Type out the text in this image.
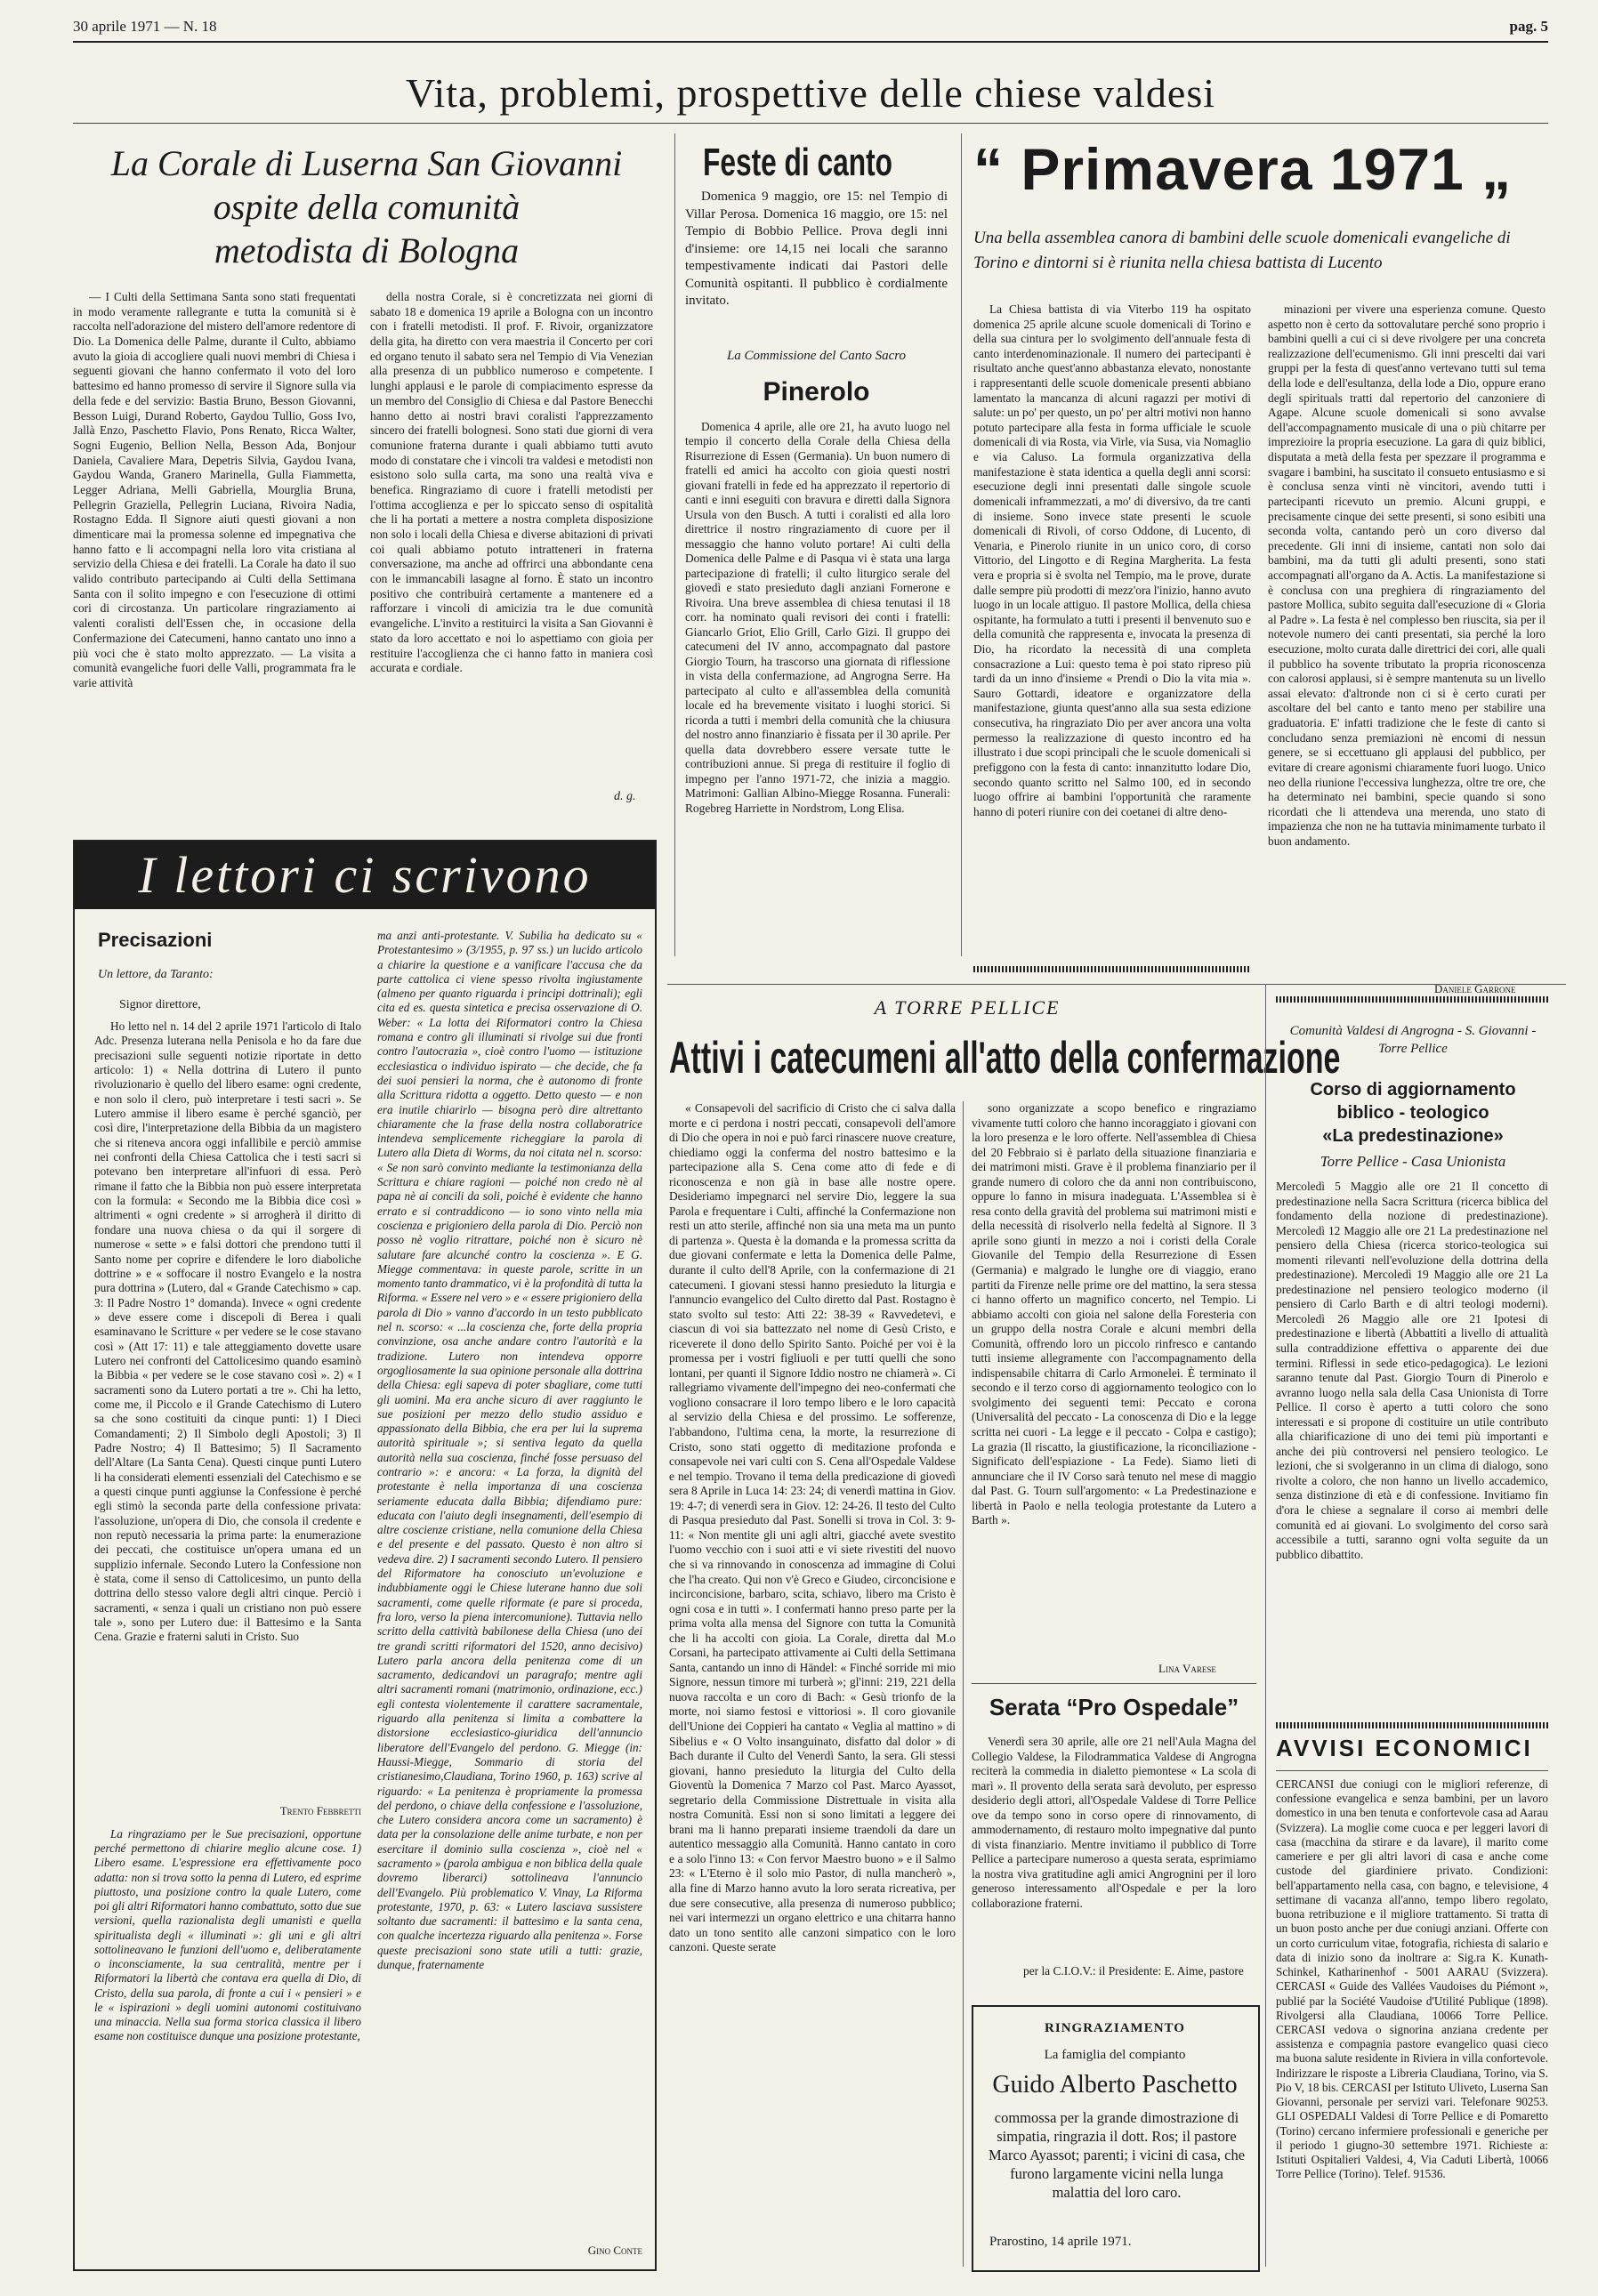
30 aprile 1971 — N. 18	pag. 5
Vita, problemi, prospettive delle chiese valdesi
La Corale di Luserna San Giovanni
ospite della comunità
metodista di Bologna

— I Culti della Settimana Santa sono stati frequentati in modo veramente rallegrante e tutta la comunità si è raccolta nell'adorazione del mistero dell'amore redentore di Dio. La Domenica delle Palme, durante il Culto, abbiamo avuto la gioia di accogliere quali nuovi membri di Chiesa i seguenti giovani che hanno confermato il voto del loro battesimo ed hanno promesso di servire il Signore sulla via della fede e del servizio: Bastia Bruno, Besson Giovanni, Besson Luigi, Durand Roberto, Gaydou Tullio, Goss Ivo, Jallà Enzo, Paschetto Flavio, Pons Renato, Ricca Walter, Sogni Eugenio, Bellion Nella, Besson Ada, Bonjour Daniela, Cavaliere Mara, Depetris Silvia, Gaydou Ivana, Gaydou Wanda, Granero Marinella, Gulla Fiammetta, Legger Adriana, Melli Gabriella, Mourglia Bruna, Pellegrin Graziella, Pellegrin Luciana, Rivoira Nadia, Rostagno Edda. Il Signore aiuti questi giovani a non dimenticare mai la promessa solenne ed impegnativa che hanno fatto e li accompagni nella loro vita cristiana al servizio della Chiesa e dei fratelli. La Corale ha dato il suo valido contributo partecipando ai Culti della Settimana Santa con il solito impegno e con l'esecuzione di ottimi cori di circostanza. Un particolare ringraziamento ai valenti coralisti dell'Essen che, in occasione della Confermazione dei Catecumeni, hanno cantato uno inno a più voci che è stato molto apprezzato. — La visita a comunità evangeliche fuori delle Valli, programmata fra le varie attività

della nostra Corale, si è concretizzata nei giorni di sabato 18 e domenica 19 aprile a Bologna con un incontro con i fratelli metodisti. Il prof. F. Rivoir, organizzatore della gita, ha diretto con vera maestria il Concerto per cori ed organo tenuto il sabato sera nel Tempio di Via Venezian alla presenza di un pubblico numeroso e competente. I lunghi applausi e le parole di compiacimento espresse da un membro del Consiglio di Chiesa e dal Pastore Benecchi hanno detto ai nostri bravi coralisti l'apprezzamento sincero dei fratelli bolognesi. Sono stati due giorni di vera comunione fraterna durante i quali abbiamo tutti avuto modo di constatare che i vincoli tra valdesi e metodisti non esistono solo sulla carta, ma sono una realtà viva e benefica. Ringraziamo di cuore i fratelli metodisti per l'ottima accoglienza e per lo spiccato senso di ospitalità che li ha portati a mettere a nostra completa disposizione non solo i locali della Chiesa e diverse abitazioni di privati coi quali abbiamo potuto intratteneri in fraterna conversazione, ma anche ad offrirci una abbondante cena con le immancabili lasagne al forno. È stato un incontro positivo che contribuirà certamente a mantenere ed a rafforzare i vincoli di amicizia tra le due comunità evangeliche. L'invito a restituirci la visita a San Giovanni è stato da loro accettato e noi lo aspettiamo con gioia per restituire l'accoglienza che ci hanno fatto in maniera così accurata e cordiale.

d. g.
Feste di canto

Domenica 9 maggio, ore 15: nel Tempio di Villar Perosa. Domenica 16 maggio, ore 15: nel Tempio di Bobbio Pellice. Prova degli inni d'insieme: ore 14,15 nei locali che saranno tempestivamente indicati dai Pastori delle Comunità ospitanti. Il pubblico è cordialmente invitato.

La Commissione del Canto Sacro
Pinerolo

Domenica 4 aprile, alle ore 21, ha avuto luogo nel tempio il concerto della Corale della Chiesa della Risurrezione di Essen (Germania). Un buon numero di fratelli ed amici ha accolto con gioia questi nostri giovani fratelli in fede ed ha apprezzato il repertorio di canti e inni eseguiti con bravura e diretti dalla Signora Ursula von den Busch. A tutti i coralisti ed alla loro direttrice il nostro ringraziamento di cuore per il messaggio che hanno voluto portare! Ai culti della Domenica delle Palme e di Pasqua vi è stata una larga partecipazione di fratelli; il culto liturgico serale del giovedì e stato presieduto dagli anziani Fornerone e Rivoira. Una breve assemblea di chiesa tenutasi il 18 corr. ha nominato quali revisori dei conti i fratelli: Giancarlo Griot, Elio Grill, Carlo Gizi. Il gruppo dei catecumeni del IV anno, accompagnato dal pastore Giorgio Tourn, ha trascorso una giornata di riflessione in vista della confermazione, ad Angrogna Serre. Ha partecipato al culto e all'assemblea della comunità locale ed ha brevemente visitato i luoghi storici. Si ricorda a tutti i membri della comunità che la chiusura del nostro anno finanziario è fissata per il 30 aprile. Per quella data dovrebbero essere versate tutte le contribuzioni annue. Si prega di restituire il foglio di impegno per l'anno 1971-72, che inizia a maggio. Matrimoni: Gallian Albino-Miegge Rosanna. Funerali: Rogebreg Harriette in Nordstrom, Long Elisa.

“ Primavera 1971 „
Una bella assemblea canora di bambini delle scuole domenicali evangeliche di Torino e dintorni si è riunita nella chiesa battista di Lucento

La Chiesa battista di via Viterbo 119 ha ospitato domenica 25 aprile alcune scuole domenicali di Torino e della sua cintura per lo svolgimento dell'annuale festa di canto interdenominazionale. Il numero dei partecipanti è risultato anche quest'anno abbastanza elevato, nonostante i rappresentanti delle scuole domenicale presenti abbiano lamentato la mancanza di alcuni ragazzi per motivi di salute: un po' per questo, un po' per altri motivi non hanno potuto partecipare alla festa in forma ufficiale le scuole domenicali di via Rosta, via Virle, via Susa, via Nomaglio e via Caluso. La formula organizzativa della manifestazione è stata identica a quella degli anni scorsi: esecuzione degli inni presentati dalle singole scuole domenicali inframmezzati, a mo' di diversivo, da tre canti di insieme. Sono invece state presenti le scuole domenicali di Rivoli, of corso Oddone, di Lucento, di Venaria, e Pinerolo riunite in un unico coro, di corso Vittorio, del Lingotto e di Regina Margherita. La festa vera e propria si è svolta nel Tempio, ma le prove, durate dalle sempre più prodotti di mezz'ora l'inizio, hanno avuto luogo in un locale attiguo. Il pastore Mollica, della chiesa ospitante, ha formulato a tutti i presenti il benvenuto suo e della comunità che rappresenta e, invocata la presenza di Dio, ha ricordato la necessità di una completa consacrazione a Lui: questo tema è poi stato ripreso più tardi da un inno d'insieme « Prendi o Dio la vita mia ». Sauro Gottardi, ideatore e organizzatore della manifestazione, giunta quest'anno alla sua sesta edizione consecutiva, ha ringraziato Dio per aver ancora una volta permesso la realizzazione di questo incontro ed ha illustrato i due scopi principali che le scuole domenicali si prefiggono con la festa di canto: innanzitutto lodare Dio, secondo quanto scritto nel Salmo 100, ed in secondo luogo offrire ai bambini l'opportunità che raramente hanno di poteri riunire con dei coetanei di altre deno-

minazioni per vivere una esperienza comune. Questo aspetto non è certo da sottovalutare perché sono proprio i bambini quelli a cui ci si deve rivolgere per una concreta realizzazione dell'ecumenismo. Gli inni prescelti dai vari gruppi per la festa di quest'anno vertevano tutti sul tema della lode e dell'esultanza, della lode a Dio, oppure erano degli spirituals tratti dal repertorio del canzoniere di Agape. Alcune scuole domenicali si sono avvalse dell'accompagnamento musicale di una o più chitarre per imprezioire la propria esecuzione. La gara di quiz biblici, disputata a metà della festa per spezzare il programma e svagare i bambini, ha suscitato il consueto entusiasmo e si è conclusa senza vinti nè vincitori, avendo tutti i partecipanti ricevuto un premio. Alcuni gruppi, e precisamente cinque dei sette presenti, si sono esibiti una seconda volta, cantando però un coro diverso dal precedente. Gli inni di insieme, cantati non solo dai bambini, ma da tutti gli adulti presenti, sono stati accompagnati all'organo da A. Actis. La manifestazione si è conclusa con una preghiera di ringraziamento del pastore Mollica, subito seguita dall'esecuzione di « Gloria al Padre ». La festa è nel complesso ben riuscita, sia per il notevole numero dei canti presentati, sia perché la loro esecuzione, molto curata dalle direttrici dei cori, alle quali il pubblico ha sovente tributato la propria riconoscenza con calorosi applausi, si è sempre mantenuta su un livello assai elevato: d'altronde non ci si è certo curati per ascoltare del bel canto e tanto meno per stabilire una graduatoria. E' infatti tradizione che le feste di canto si concludano senza premiazioni nè encomi di nessun genere, se si eccettuano gli applausi del pubblico, per evitare di creare agonismi chiaramente fuori luogo. Unico neo della riunione l'eccessiva lunghezza, oltre tre ore, che ha determinato nei bambini, specie quando si sono ricordati che li attendeva una merenda, uno stato di impazienza che non ne ha tuttavia minimamente turbato il buon andamento.

Daniele Garrone
I lettori ci scrivono
Precisazioni
Un lettore, da Taranto:
Signor direttore,

Ho letto nel n. 14 del 2 aprile 1971 l'articolo di Italo Adc. Presenza luterana nella Penisola e ho da fare due precisazioni sulle seguenti notizie riportate in detto articolo: 1) « Nella dottrina di Lutero il punto rivoluzionario è quello del libero esame: ogni credente, e non solo il clero, può interpretare i testi sacri ». Se Lutero ammise il libero esame è perché sganciò, per così dire, l'interpretazione della Bibbia da un magistero che si riteneva ancora oggi infallibile e perciò ammise nei confronti della Chiesa Cattolica che i testi sacri si potevano ben interpretare all'infuori di essa. Però rimane il fatto che la Bibbia non può essere interpretata con la formula: « Secondo me la Bibbia dice così » altrimenti « ogni credente » si arrogherà il diritto di fondare una nuova chiesa o da qui il sorgere di numerose « sette » e falsi dottori che prendono tutti il Santo nome per coprire e difendere le loro diaboliche dottrine » e « soffocare il nostro Evangelo e la nostra pura dottrina » (Lutero, dal « Grande Catechismo » cap. 3: Il Padre Nostro 1° domanda). Invece « ogni credente » deve essere come i discepoli di Berea i quali esaminavano le Scritture « per vedere se le cose stavano così » (Att 17: 11) e tale atteggiamento dovette usare Lutero nei confronti del Cattolicesimo quando esaminò la Bibbia « per vedere se le cose stavano così ». 2) « I sacramenti sono da Lutero portati a tre ». Chi ha letto, come me, il Piccolo e il Grande Catechismo di Lutero sa che sono costituiti da cinque punti: 1) I Dieci Comandamenti; 2) Il Simbolo degli Apostoli; 3) Il Padre Nostro; 4) Il Battesimo; 5) Il Sacramento dell'Altare (La Santa Cena). Questi cinque punti Lutero li ha considerati elementi essenziali del Catechismo e se a questi cinque punti aggiunse la Confessione è perché egli stimò la seconda parte della confessione privata: l'assoluzione, un'opera di Dio, che consola il credente e non reputò necessaria la prima parte: la enumerazione dei peccati, che costituisce un'opera umana ed un supplizio infernale. Secondo Lutero la Confessione non è stata, come il senso di Cattolicesimo, un punto della dottrina dello stesso valore degli altri cinque. Perciò i sacramenti, « senza i quali un cristiano non può essere tale », sono per Lutero due: il Battesimo e la Santa Cena. Grazie e fraterni saluti in Cristo. Suo

Trento Febbretti

La ringraziamo per le Sue precisazioni, opportune perché permettono di chiarire meglio alcune cose. 1) Libero esame. L'espressione era effettivamente poco adatta: non si trova sotto la penna di Lutero, ed esprime piuttosto, una posizione contro la quale Lutero, come poi gli altri Riformatori hanno combattuto, sotto due sue versioni, quella razionalista degli umanisti e quella spiritualista degli « illuminati »: gli uni e gli altri sottolineavano le funzioni dell'uomo e, deliberatamente o inconsciamente, la sua centralità, mentre per i Riformatori la libertà che contava era quella di Dio, di Cristo, della sua parola, di fronte a cui i « pensieri » e le « ispirazioni » degli uomini autonomi costituivano una minaccia. Nella sua forma storica classica il libero esame non costituisce dunque una posizione protestante,

ma anzi anti-protestante. V. Subilia ha dedicato su « Protestantesimo » (3/1955, p. 97 ss.) un lucido articolo a chiarire la questione e a vanificare l'accusa che da parte cattolica ci viene spesso rivolta ingiustamente (almeno per quanto riguarda i principi dottrinali); egli cita ed es. questa sintetica e precisa osservazione di O. Weber: « La lotta dei Riformatori contro la Chiesa romana e contro gli illuminati si rivolge sui due fronti contro l'autocrazia », cioè contro l'uomo — istituzione ecclesiastica o individuo ispirato — che decide, che fa dei suoi pensieri la norma, che è autonomo di fronte alla Scrittura ridotta a oggetto. Detto questo — e non era inutile chiarirlo — bisogna però dire altrettanto chiaramente che la frase della nostra collaboratrice intendeva semplicemente richeggiare la parola di Lutero alla Dieta di Worms, da noi citata nel n. scorso: « Se non sarò convinto mediante la testimonianza della Scrittura e chiare ragioni — poiché non credo nè al papa nè ai concili da soli, poiché è evidente che hanno errato e si contraddicono — io sono vinto nella mia coscienza e prigioniero della parola di Dio. Perciò non posso nè voglio ritrattare, poiché non è sicuro nè salutare fare alcunché contro la coscienza ». E G. Miegge commentava: in queste parole, scritte in un momento tanto drammatico, vi è la profondità di tutta la Riforma. « Essere nel vero » e « essere prigioniero della parola di Dio » vanno d'accordo in un testo pubblicato nel n. scorso: « ...la coscienza che, forte della propria convinzione, osa anche andare contro l'autorità e la tradizione. Lutero non intendeva opporre orgogliosamente la sua opinione personale alla dottrina della Chiesa: egli sapeva di poter sbagliare, come tutti gli uomini. Ma era anche sicuro di aver raggiunto le sue posizioni per mezzo dello studio assiduo e appassionato della Bibbia, che era per lui la suprema autorità spirituale »; si sentiva legato da quella autorità nella sua coscienza, finché fosse persuaso del contrario »: e ancora: « La forza, la dignità del protestante è nella importanza di una coscienza seriamente educata dalla Bibbia; difendiamo pure: educata con l'aiuto degli insegnamenti, dell'esempio di altre coscienze cristiane, nella comunione della Chiesa e del presente e del passato. Questo è non altro si vedeva dire. 2) I sacramenti secondo Lutero. Il pensiero del Riformatore ha conosciuto un'evoluzione e indubbiamente oggi le Chiese luterane hanno due soli sacramenti, come quelle riformate (e pare si proceda, fra loro, verso la piena intercomunione). Tuttavia nello scritto della cattività babilonese della Chiesa (uno dei tre grandi scritti riformatori del 1520, anno decisivo) Lutero parla ancora della penitenza come di un sacramento, dedicandovi un paragrafo; mentre agli altri sacramenti romani (matrimonio, ordinazione, ecc.) egli contesta violentemente il carattere sacramentale, riguardo alla penitenza si limita a combattere la distorsione ecclesiastico-giuridica dell'annuncio liberatore dell'Evangelo del perdono. G. Miegge (in: Haussi-Miegge, Sommario di storia del cristianesimo,Claudiana, Torino 1960, p. 163) scrive al riguardo: « La penitenza è propriamente la promessa del perdono, o chiave della confessione e l'assoluzione, che Lutero considera ancora come un sacramento) è data per la consolazione delle anime turbate, e non per esercitare il dominio sulla coscienza », cioè nel « sacramento » (parola ambigua e non biblica della quale dovremo liberarci) sottolineava l'annuncio dell'Evangelo. Più problematico V. Vinay, La Riforma protestante, 1970, p. 63: « Lutero lasciava sussistere soltanto due sacramenti: il battesimo e la santa cena, con qualche incertezza riguardo alla penitenza ». Forse queste precisazioni sono state utili a tutti: grazie, dunque, fraternamente

Gino Conte
A TORRE PELLICE
Attivi i catecumeni all'atto della confermazione

« Consapevoli del sacrificio di Cristo che ci salva dalla morte e ci perdona i nostri peccati, consapevoli dell'amore di Dio che opera in noi e può farci rinascere nuove creature, chiediamo oggi la conferma del nostro battesimo e la partecipazione alla S. Cena come atto di fede e di riconoscenza e non già in base alle nostre opere. Desideriamo impegnarci nel servire Dio, leggere la sua Parola e frequentare i Culti, affinché la Confermazione non resti un atto sterile, affinché non sia una meta ma un punto di partenza ». Questa è la domanda e la promessa scritta da due giovani confermate e letta la Domenica delle Palme, durante il culto dell'8 Aprile, con la confermazione di 21 catecumeni. I giovani stessi hanno presieduto la liturgia e l'annuncio evangelico del Culto diretto dal Past. Rostagno è stato svolto sul testo: Atti 22: 38-39 « Ravvedetevi, e ciascun di voi sia battezzato nel nome di Gesù Cristo, e riceverete il dono dello Spirito Santo. Poiché per voi è la promessa per i vostri figliuoli e per tutti quelli che sono lontani, per quanti il Signore Iddio nostro ne chiamerà ». Ci rallegriamo vivamente dell'impegno dei neo-confermati che vogliono consacrare il loro tempo libero e le loro capacità al servizio della Chiesa e del prossimo. Le sofferenze, l'abbandono, l'ultima cena, la morte, la resurrezione di Cristo, sono stati oggetto di meditazione profonda e consapevole nei vari culti con S. Cena all'Ospedale Valdese e nel tempio. Trovano il tema della predicazione di giovedì sera 8 Aprile in Luca 14: 23: 24; di venerdì mattina in Giov. 19: 4-7; di venerdì sera in Giov. 12: 24-26. Il testo del Culto di Pasqua presieduto dal Past. Sonelli si trova in Col. 3: 9-11: « Non mentite gli uni agli altri, giacché avete svestito l'uomo vecchio con i suoi atti e vi siete rivestiti del nuovo che si va rinnovando in conoscenza ad immagine di Colui che l'ha creato. Qui non v'è Greco e Giudeo, circoncisione e incirconcisione, barbaro, scita, schiavo, libero ma Cristo è ogni cosa e in tutti ». I confermati hanno preso parte per la prima volta alla mensa del Signore con tutta la Comunità che li ha accolti con gioia. La Corale, diretta dal M.o Corsani, ha partecipato attivamente ai Culti della Settimana Santa, cantando un inno di Händel: « Finché sorride mi mio Signore, nessun timore mi turberà »; gl'inni: 219, 221 della nuova raccolta e un coro di Bach: « Gesù trionfo de la morte, noi siamo festosi e vittoriosi ». Il coro giovanile dell'Unione dei Coppieri ha cantato « Veglia al mattino » di Sibelius e « O Volto insanguinato, disfatto dal dolor » di Bach durante il Culto del Venerdì Santo, la sera. Gli stessi giovani, hanno presieduto la liturgia del Culto della Gioventù la Domenica 7 Marzo col Past. Marco Ayassot, segretario della Commissione Distrettuale in visita alla nostra Comunità. Essi non si sono limitati a leggere dei brani ma li hanno preparati insieme traendoli da dare un autentico messaggio alla Comunità. Hanno cantato in coro e a solo l'inno 13: « Con fervor Maestro buono » e il Salmo 23: « L'Eterno è il solo mio Pastor, di nulla mancherò », alla fine di Marzo hanno avuto la loro serata ricreativa, per due sere consecutive, alla presenza di numeroso pubblico; nei vari intermezzi un organo elettrico e una chitarra hanno dato un tono sentito alle canzoni simpatico con le loro canzoni. Queste serate

sono organizzate a scopo benefico e ringraziamo vivamente tutti coloro che hanno incoraggiato i giovani con la loro presenza e le loro offerte. Nell'assemblea di Chiesa del 20 Febbraio si è parlato della situazione finanziaria e dei matrimoni misti. Grave è il problema finanziario per il grande numero di coloro che da anni non contribuiscono, oppure lo fanno in misura inadeguata. L'Assemblea si è resa conto della gravità del problema sui matrimoni misti e della necessità di risolverlo nella fedeltà al Signore. Il 3 aprile sono giunti in mezzo a noi i coristi della Corale Giovanile del Tempio della Resurrezione di Essen (Germania) e malgrado le lunghe ore di viaggio, erano partiti da Firenze nelle prime ore del mattino, la sera stessa ci hanno offerto un magnifico concerto, nel Tempio. Li abbiamo accolti con gioia nel salone della Foresteria con un gruppo della nostra Corale e alcuni membri della Comunità, offrendo loro un piccolo rinfresco e cantando tutti insieme allegramente con l'accompagnamento della indispensabile chitarra di Carlo Armonelei. È terminato il secondo e il terzo corso di aggiornamento teologico con lo svolgimento dei seguenti temi: Peccato e corona (Universalità del peccato - La conoscenza di Dio e la legge scritta nei cuori - La legge e il peccato - Colpa e castigo); La grazia (Il riscatto, la giustificazione, la riconciliazione - Significato dell'espiazione - La Fede). Siamo lieti di annunciare che il IV Corso sarà tenuto nel mese di maggio dal Past. G. Tourn sull'argomento: « La Predestinazione e libertà in Paolo e nella teologia protestante da Lutero a Barth ».

Lina Varese
Serata “Pro Ospedale”

Venerdì sera 30 aprile, alle ore 21 nell'Aula Magna del Collegio Valdese, la Filodrammatica Valdese di Angrogna reciterà la commedia in dialetto piemontese « La scola di marì ». Il provento della serata sarà devoluto, per espresso desiderio degli attori, all'Ospedale Valdese di Torre Pellice ove da tempo sono in corso opere di rinnovamento, di ammodernamento, di restauro molto impegnative dal punto di vista finanziario. Mentre invitiamo il pubblico di Torre Pellice a partecipare numeroso a questa serata, esprimiamo la nostra viva gratitudine agli amici Angrognini per il loro generoso interessamento all'Ospedale e per la loro collaborazione fraterni.

per la C.I.O.V.: il Presidente: E. Aime, pastore
RINGRAZIAMENTO
La famiglia del compianto
Guido Alberto Paschetto
commossa per la grande dimostrazione di simpatia, ringrazia il dott. Ros; il pastore Marco Ayassot; parenti; i vicini di casa, che furono largamente vicini nella lunga malattia del loro caro.
Prarostino, 14 aprile 1971.
Comunità Valdesi di Angrogna - S. Giovanni - Torre Pellice
Corso di aggiornamento
biblico - teologico
«La predestinazione»
Torre Pellice - Casa Unionista

Mercoledì 5 Maggio alle ore 21 Il concetto di predestinazione nella Sacra Scrittura (ricerca biblica del fondamento della nozione di predestinazione). Mercoledì 12 Maggio alle ore 21 La predestinazione nel pensiero della Chiesa (ricerca storico-teologica sui momenti rilevanti nell'evoluzione della dottrina della predestinazione). Mercoledì 19 Maggio alle ore 21 La predestinazione nel pensiero teologico moderno (il pensiero di Carlo Barth e di altri teologi moderni). Mercoledì 26 Maggio alle ore 21 Ipotesi di predestinazione e libertà (Abbattiti a livello di attualità sulla contraddizione effettiva o apparente dei due termini. Riflessi in sede etico-pedagogica). Le lezioni saranno tenute dal Past. Giorgio Tourn di Pinerolo e avranno luogo nella sala della Casa Unionista di Torre Pellice. Il corso è aperto a tutti coloro che sono interessati e si propone di costituire un utile contributo alla chiarificazione di uno dei temi più importanti e anche dei più controversi nel pensiero teologico. Le lezioni, che si svolgeranno in un clima di dialogo, sono rivolte a coloro, che non hanno un livello accademico, senza distinzione di età e di confessione. Invitiamo fin d'ora le chiese a segnalare il corso ai membri delle comunità ed ai giovani. Lo svolgimento del corso sarà accessibile a tutti, saranno ogni volta seguite da un pubblico dibattito.

AVVISI ECONOMICI

CERCANSI due coniugi con le migliori referenze, di confessione evangelica e senza bambini, per un lavoro domestico in una ben tenuta e confortevole casa ad Aarau (Svizzera). La moglie come cuoca e per leggeri lavori di casa (macchina da stirare e da lavare), il marito come cameriere e per gli altri lavori di casa e anche come custode del giardiniere privato. Condizioni: bell'appartamento nella casa, con bagno, e televisione, 4 settimane di vacanza all'anno, tempo libero regolato, buona retribuzione e il migliore trattamento. Si tratta di un buon posto anche per due coniugi anziani. Offerte con un corto curriculum vitae, fotografia, richiesta di salario e data di inizio sono da inoltrare a: Sig.ra K. Kunath-Schinkel, Katharinenhof - 5001 AARAU (Svizzera). CERCASI « Guide des Vallées Vaudoises du Piémont », publié par la Société Vaudoise d'Utilité Publique (1898). Rivolgersi alla Claudiana, 10066 Torre Pellice. CERCASI vedova o signorina anziana credente per assistenza e compagnia pastore evangelico quasi cieco ma buona salute residente in Riviera in villa confortevole. Indirizzare le risposte a Libreria Claudiana, Torino, via S. Pio V, 18 bis. CERCASI per Istituto Uliveto, Luserna San Giovanni, personale per servizi vari. Telefonare 90253. GLI OSPEDALI Valdesi di Torre Pellice e di Pomaretto (Torino) cercano infermiere professionali e generiche per il periodo 1 giugno-30 settembre 1971. Richieste a: Istituti Ospitalieri Valdesi, 4, Via Caduti Libertà, 10066 Torre Pellice (Torino). Telef. 91536.
